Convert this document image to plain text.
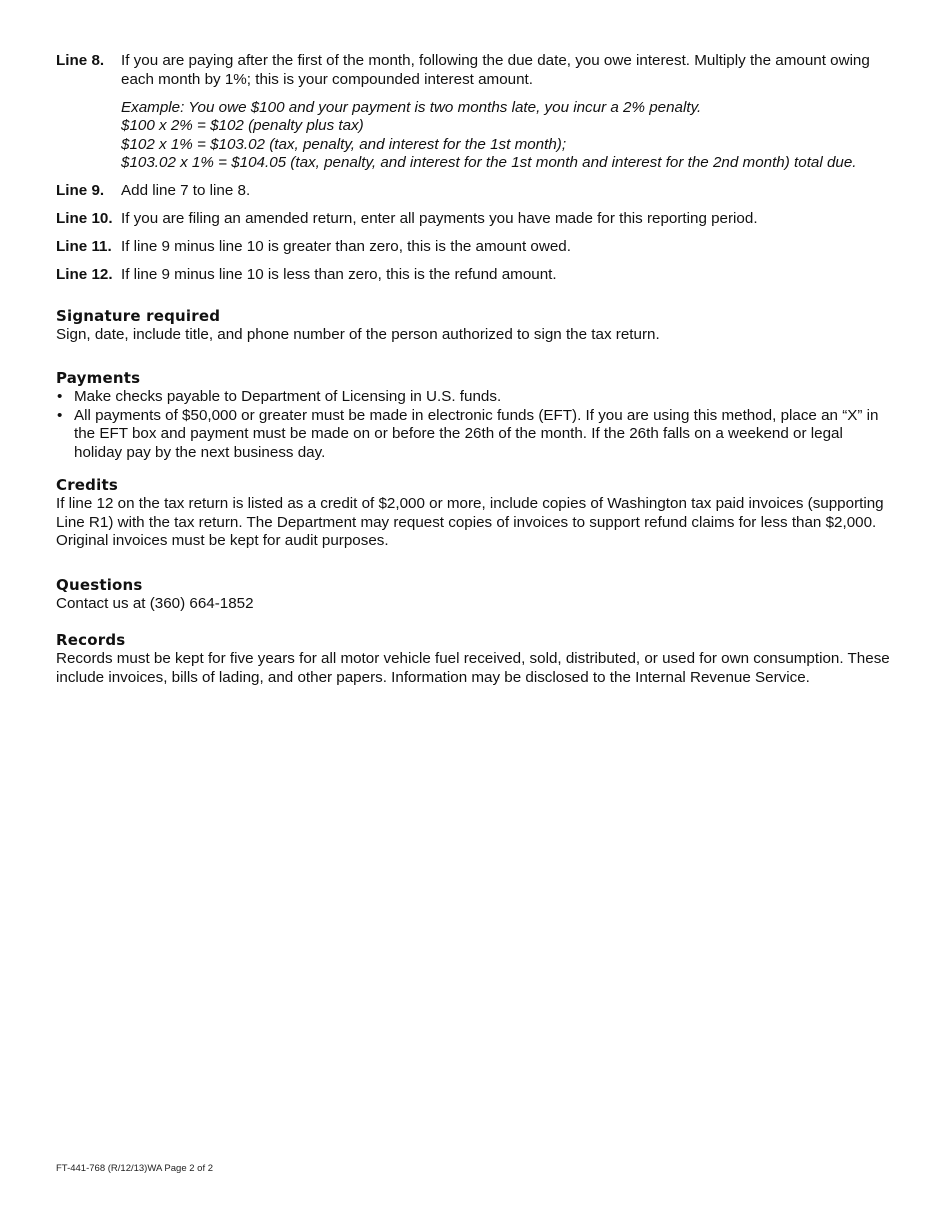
Line 8.	If you are paying after the first of the month, following the due date, you owe interest. Multiply the amount owing each month by 1%; this is your compounded interest amount.
Example: You owe $100 and your payment is two months late, you incur a 2% penalty.
$100 x 2% = $102 (penalty plus tax)
$102 x 1% = $103.02 (tax, penalty, and interest for the 1st month);
$103.02 x 1% = $104.05 (tax, penalty, and interest for the 1st month and interest for the 2nd month) total due.
Line 9.	Add line 7 to line 8.
Line 10. If you are filing an amended return, enter all payments you have made for this reporting period.
Line 11. If line 9 minus line 10 is greater than zero, this is the amount owed.
Line 12. If line 9 minus line 10 is less than zero, this is the refund amount.
Signature required

Sign, date, include title, and phone number of the person authorized to sign the tax return.

Payments
• Make checks payable to Department of Licensing in U.S. funds.
• All payments of $50,000 or greater must be made in electronic funds (EFT). If you are using this method, place an “X” in the EFT box and payment must be made on or before the 26th of the month. If the 26th falls on a weekend or legal holiday pay by the next business day.
Credits

If line 12 on the tax return is listed as a credit of $2,000 or more, include copies of Washington tax paid invoices (supporting Line R1) with the tax return. The Department may request copies of invoices to support refund claims for less than $2,000. Original invoices must be kept for audit purposes.

Questions

Contact us at (360) 664-1852

Records

Records must be kept for five years for all motor vehicle fuel received, sold, distributed, or used for own consumption. These include invoices, bills of lading, and other papers. Information may be disclosed to the Internal Revenue Service.

FT-441-768 (R/12/13)WA Page 2 of 2
